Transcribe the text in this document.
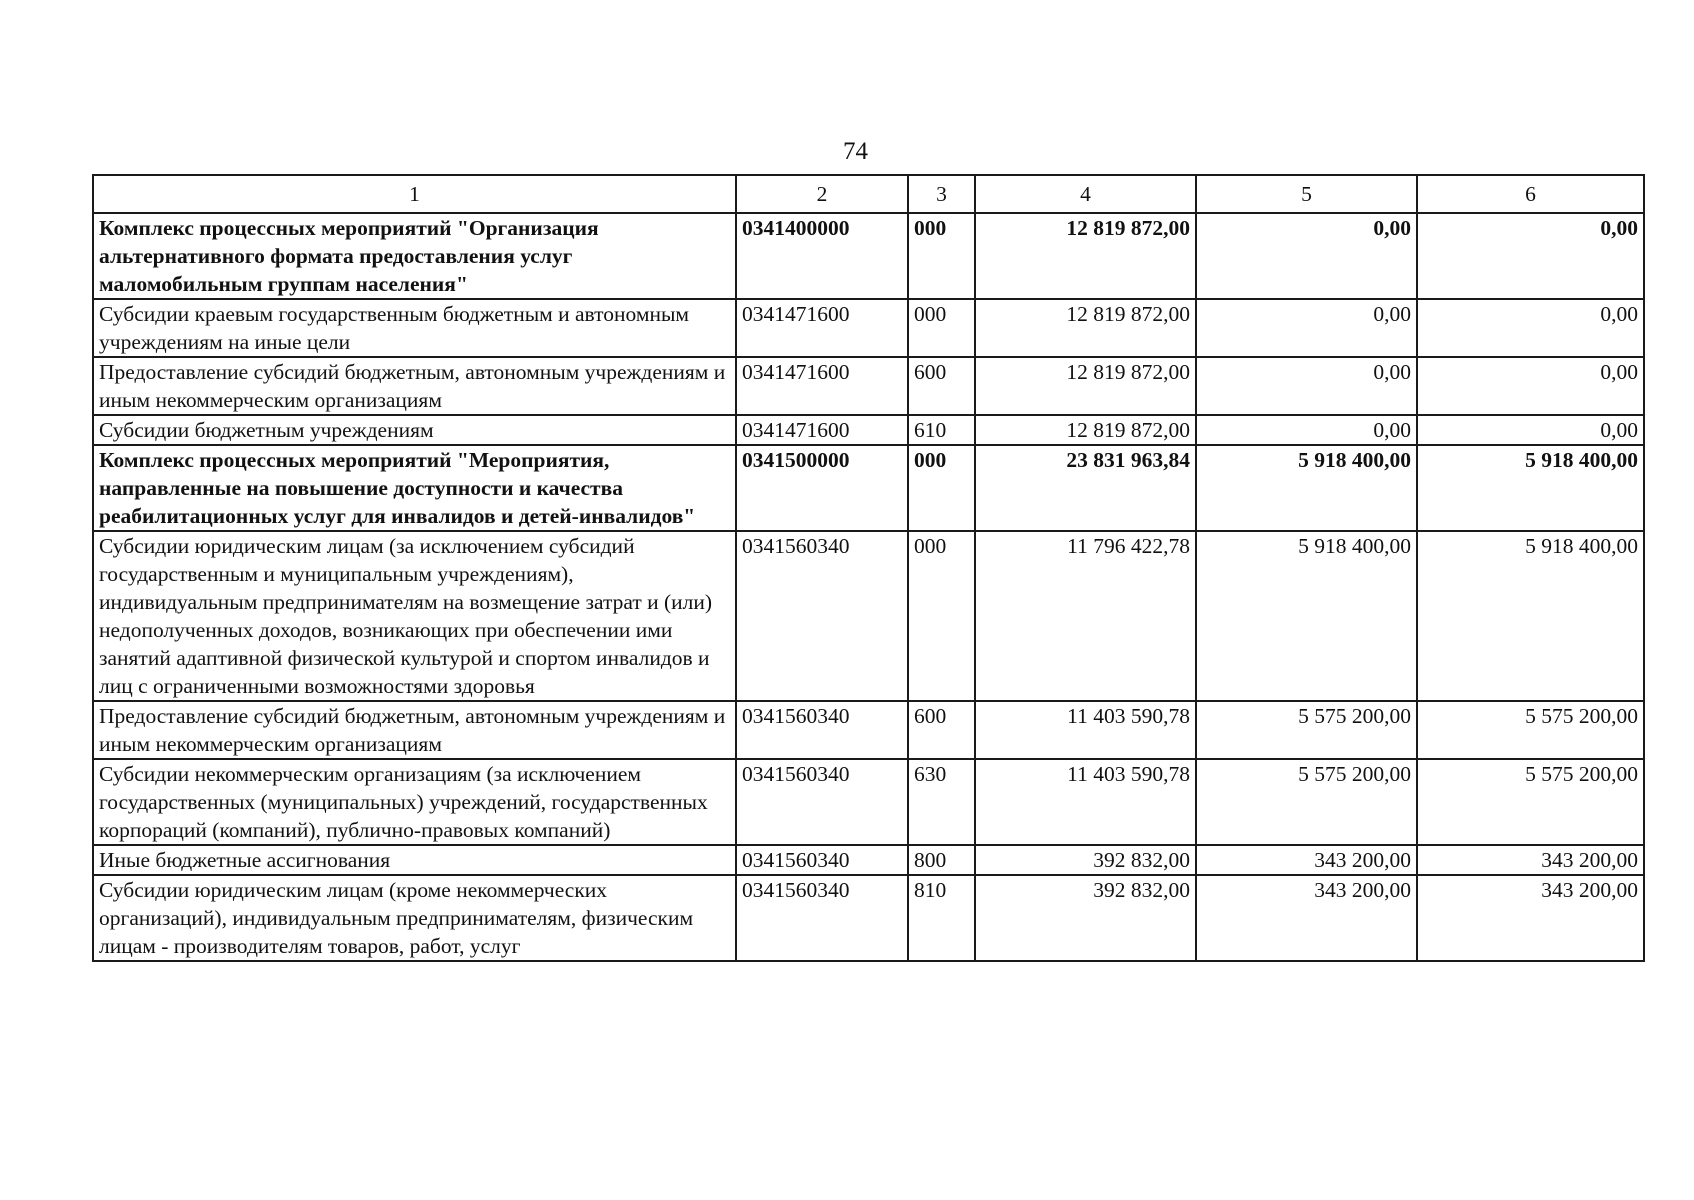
74
1	2	3	4	5	6
Комплекс процессных мероприятий "Организация альтернативного формата предоставления услуг маломобильным группам населения"	0341400000	000	12 819 872,00	0,00	0,00
Субсидии краевым государственным бюджетным и автономным учреждениям на иные цели	0341471600	000	12 819 872,00	0,00	0,00
Предоставление субсидий бюджетным, автономным учреждениям и иным некоммерческим организациям	0341471600	600	12 819 872,00	0,00	0,00
Субсидии бюджетным учреждениям	0341471600	610	12 819 872,00	0,00	0,00
Комплекс процессных мероприятий "Мероприятия, направленные на повышение доступности и качества реабилитационных услуг для инвалидов и детей-инвалидов"	0341500000	000	23 831 963,84	5 918 400,00	5 918 400,00
Субсидии юридическим лицам (за исключением субсидий государственным и муниципальным учреждениям), индивидуальным предпринимателям на возмещение затрат и (или) недополученных доходов, возникающих при обеспечении ими занятий адаптивной физической культурой и спортом инвалидов и лиц с ограниченными возможностями здоровья	0341560340	000	11 796 422,78	5 918 400,00	5 918 400,00
Предоставление субсидий бюджетным, автономным учреждениям и иным некоммерческим организациям	0341560340	600	11 403 590,78	5 575 200,00	5 575 200,00
Субсидии некоммерческим организациям (за исключением государственных (муниципальных) учреждений, государственных корпораций (компаний), публично-правовых компаний)	0341560340	630	11 403 590,78	5 575 200,00	5 575 200,00
Иные бюджетные ассигнования	0341560340	800	392 832,00	343 200,00	343 200,00
Субсидии юридическим лицам (кроме некоммерческих организаций), индивидуальным предпринимателям, физическим лицам - производителям товаров, работ, услуг	0341560340	810	392 832,00	343 200,00	343 200,00
